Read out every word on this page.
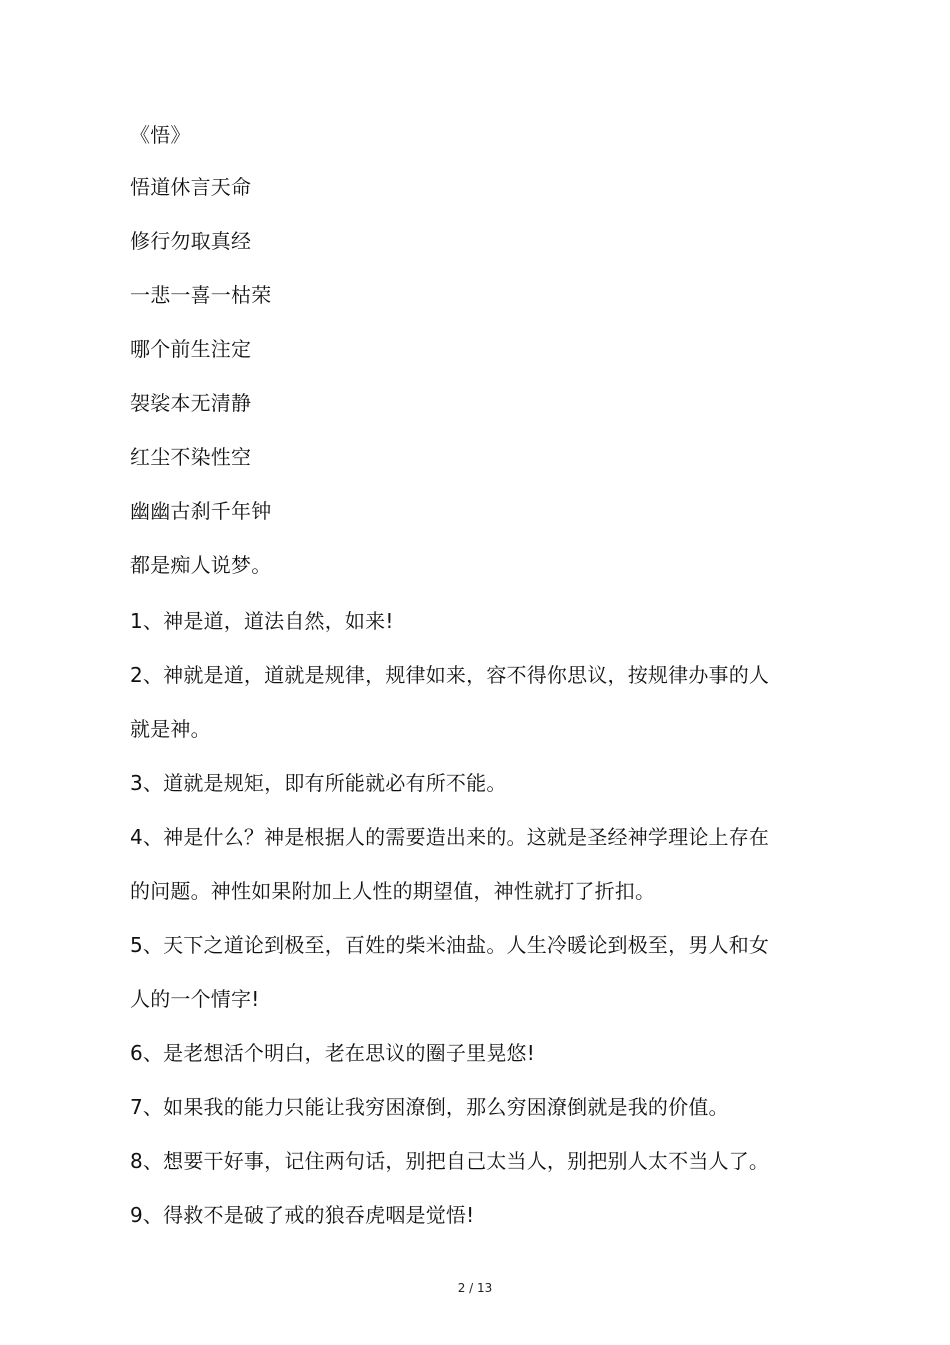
《悟》
悟道休言天命
修行勿取真经
一悲一喜一枯荣
哪个前生注定
袈裟本无清静
红尘不染性空
幽幽古刹千年钟
都是痴人说梦。
1、神是道，道法自然，如来!
2、神就是道，道就是规律，规律如来，容不得你思议，按规律办事的人
就是神。
3、道就是规矩，即有所能就必有所不能。
4、神是什么？神是根据人的需要造出来的。这就是圣经神学理论上存在
的问题。神性如果附加上人性的期望值，神性就打了折扣。
5、天下之道论到极至，百姓的柴米油盐。人生冷暖论到极至，男人和女
人的一个情字!
6、是老想活个明白，老在思议的圈子里晃悠!
7、如果我的能力只能让我穷困潦倒，那么穷困潦倒就是我的价值。
8、想要干好事，记住两句话，别把自己太当人，别把别人太不当人了。
9、得救不是破了戒的狼吞虎咽是觉悟!
2 / 13
